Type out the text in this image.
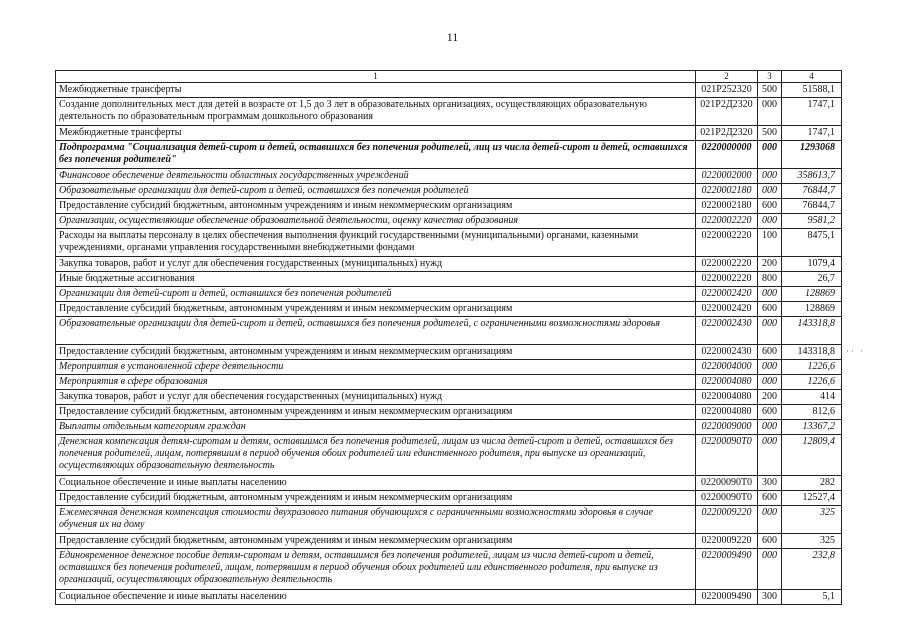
11
1	2	3	4
Межбюджетные трансферты	021P252320	500	51588,1
Создание дополнительных мест для детей в возрасте от 1,5 до 3 лет в образовательных организациях, осуществляющих образовательную деятельность по образовательным программам дошкольного образования	021P2Д2320	000	1747,1
Межбюджетные трансферты	021P2Д2320	500	1747,1
Подпрограмма "Социализация детей-сирот и детей, оставшихся без попечения родителей, лиц из числа детей-сирот и детей, оставшихся без попечения родителей"	0220000000	000	1293068
Финансовое обеспечение деятельности областных государственных учреждений	0220002000	000	358613,7
Образовательные организации для детей-сирот и детей, оставшихся без попечения родителей	0220002180	000	76844,7
Предоставление субсидий бюджетным, автономным учреждениям и иным некоммерческим организациям	0220002180	600	76844,7
Организации, осуществляющие обеспечение образовательной деятельности, оценку качества образования	0220002220	000	9581,2
Расходы на выплаты персоналу в целях обеспечения выполнения функций государственными (муниципальными) органами, казенными учреждениями, органами управления государственными внебюджетными фондами	0220002220	100	8475,1
Закупка товаров, работ и услуг для обеспечения государственных (муниципальных) нужд	0220002220	200	1079,4
Иные бюджетные ассигнования	0220002220	800	26,7
Организации для детей-сирот и детей, оставшихся без попечения родителей	0220002420	000	128869
Предоставление субсидий бюджетным, автономным учреждениям и иным некоммерческим организациям	0220002420	600	128869
Образовательные организации для детей-сирот и детей, оставшихся без попечения родителей, с ограниченными возможностями здоровья	0220002430	000	143318,8
Предоставление субсидий бюджетным, автономным учреждениям и иным некоммерческим организациям	0220002430	600	143318,8
Мероприятия в установленной сфере деятельности	0220004000	000	1226,6
Мероприятия в сфере образования	0220004080	000	1226,6
Закупка товаров, работ и услуг для обеспечения государственных (муниципальных) нужд	0220004080	200	414
Предоставление субсидий бюджетным, автономным учреждениям и иным некоммерческим организациям	0220004080	600	812,6
Выплаты отдельным категориям граждан	0220009000	000	13367,2
Денежная компенсация детям-сиротам и детям, оставшимся без попечения родителей, лицам из числа детей-сирот и детей, оставшихся без попечения родителей, лицам, потерявшим в период обучения обоих родителей или единственного родителя, при выпуске из организаций, осуществляющих образовательную деятельность	02200090Т0	000	12809,4
Социальное обеспечение и иные выплаты населению	02200090Т0	300	282
Предоставление субсидий бюджетным, автономным учреждениям и иным некоммерческим организациям	02200090Т0	600	12527,4
Ежемесячная денежная компенсация стоимости двухразового питания обучающихся с ограниченными возможностями здоровья в случае обучения их на дому	0220009220	000	325
Предоставление субсидий бюджетным, автономным учреждениям и иным некоммерческим организациям	0220009220	600	325
Единовременное денежное пособие детям-сиротам и детям, оставшимся без попечения родителей, лицам из числа детей-сирот и детей, оставшихся без попечения родителей, лицам, потерявшим в период обучения обоих родителей или единственного родителя, при выпуске из организаций, осуществляющих образовательную деятельность	0220009490	000	232,8
Социальное обеспечение и иные выплаты населению	0220009490	300	5,1
·· ·
